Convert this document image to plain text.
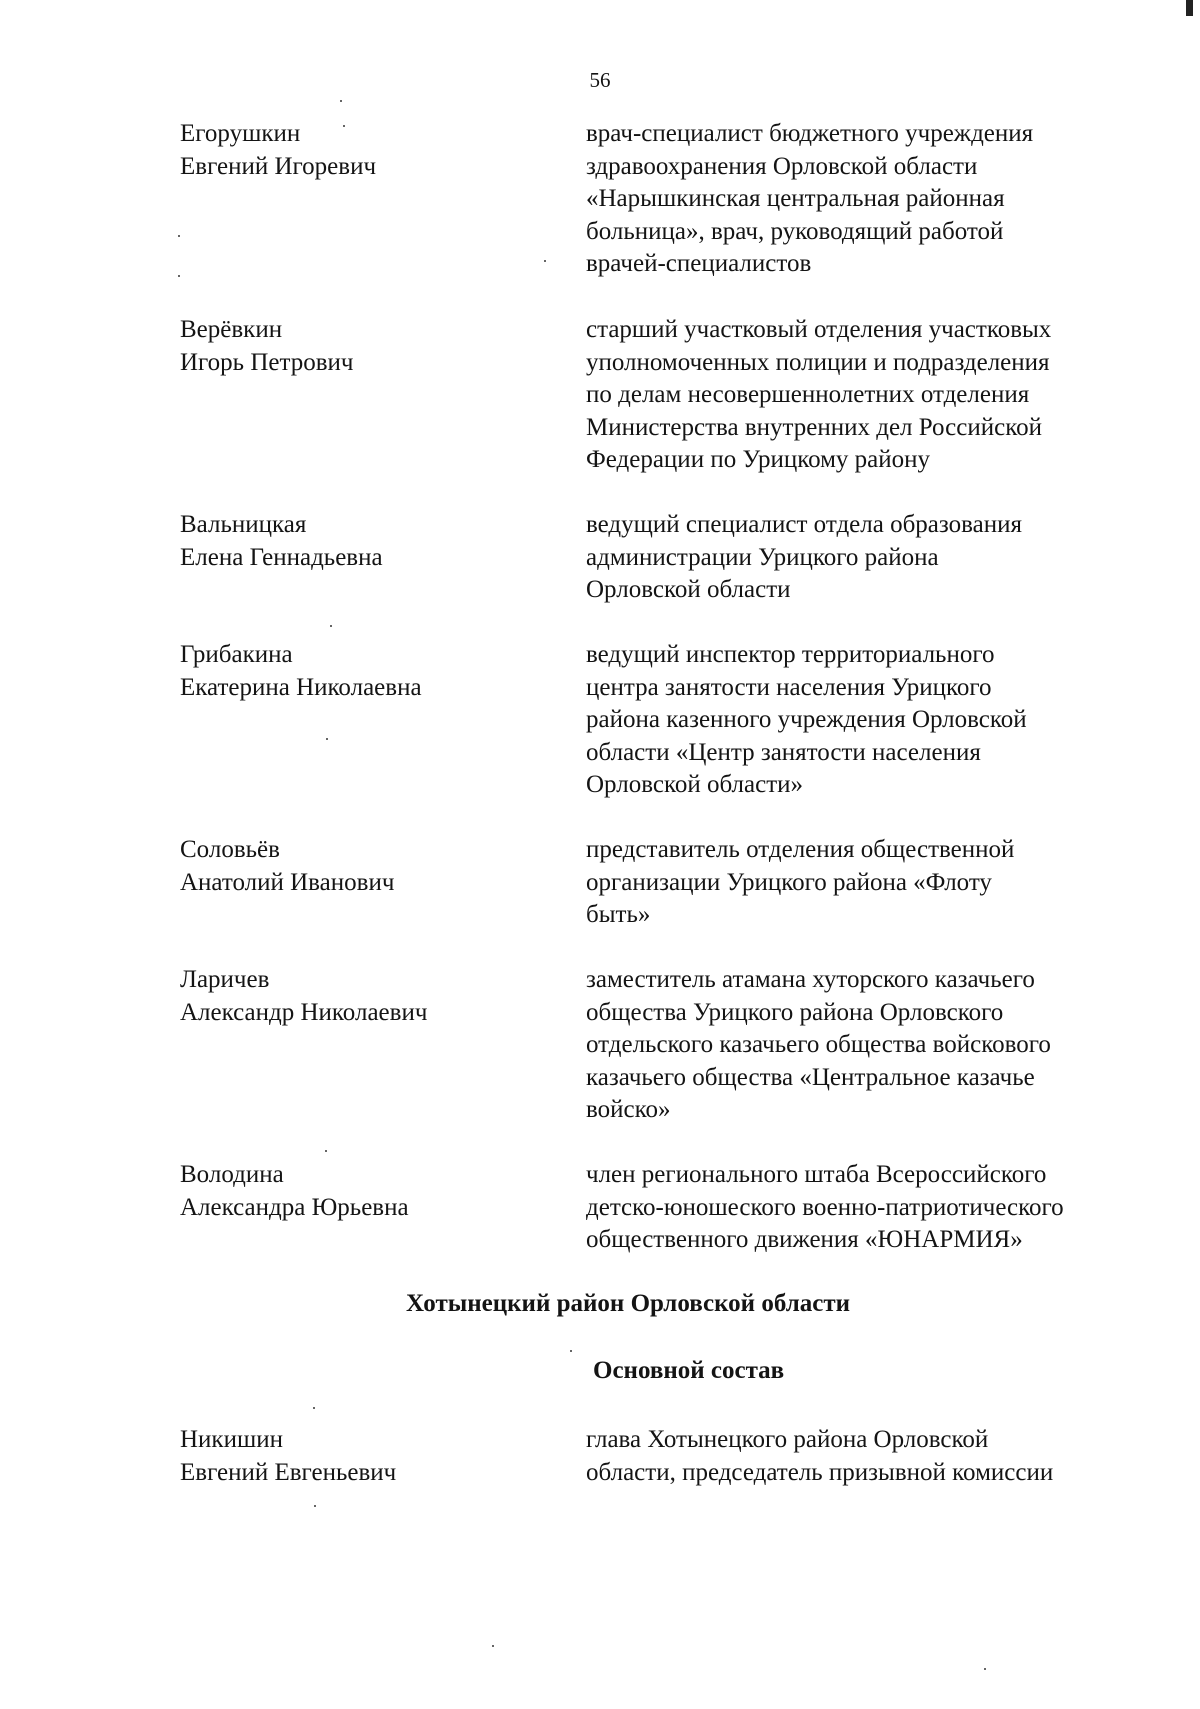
56
Егорушкин
Евгений Игоревич
врач-специалист бюджетного учреждения
здравоохранения Орловской области
«Нарышкинская центральная районная
больница», врач, руководящий работой
врачей-специалистов
Верёвкин
Игорь Петрович
старший участковый отделения участковых
уполномоченных полиции и подразделения
по делам несовершеннолетних отделения
Министерства внутренних дел Российской
Федерации по Урицкому району
Вальницкая
Елена Геннадьевна
ведущий специалист отдела образования
администрации Урицкого района
Орловской области
Грибакина
Екатерина Николаевна
ведущий инспектор территориального
центра занятости населения Урицкого
района казенного учреждения Орловской
области «Центр занятости населения
Орловской области»
Соловьёв
Анатолий Иванович
представитель отделения общественной
организации Урицкого района «Флоту
быть»
Ларичев
Александр Николаевич
заместитель атамана хуторского казачьего
общества Урицкого района Орловского
отдельского казачьего общества войскового
казачьего общества «Центральное казачье
войско»
Володина
Александра Юрьевна
член регионального штаба Всероссийского
детско-юношеского военно-патриотического
общественного движения «ЮНАРМИЯ»
Хотынецкий район Орловской области
Основной состав
Никишин
Евгений Евгеньевич
глава Хотынецкого района Орловской
области, председатель призывной комиссии
